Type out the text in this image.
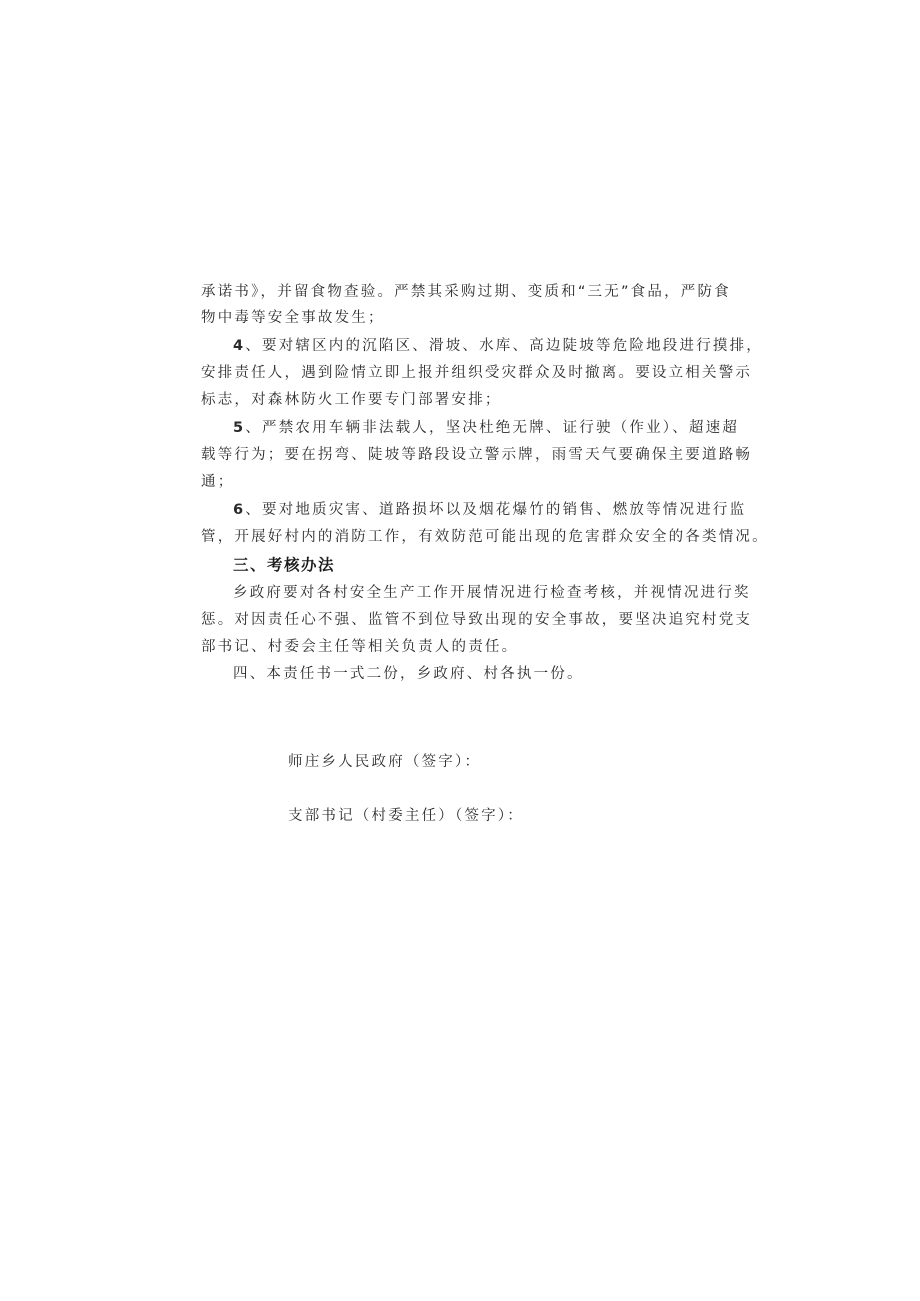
承诺书》，并留食物查验。严禁其采购过期、变质和“三无”食品，严防食
物中毒等安全事故发生；
4、要对辖区内的沉陷区、滑坡、水库、高边陡坡等危险地段进行摸排，
安排责任人，遇到险情立即上报并组织受灾群众及时撤离。要设立相关警示
标志，对森林防火工作要专门部署安排；
5、严禁农用车辆非法载人，坚决杜绝无牌、证行驶（作业）、超速超
载等行为；要在拐弯、陡坡等路段设立警示牌，雨雪天气要确保主要道路畅
通；
6、要对地质灾害、道路损坏以及烟花爆竹的销售、燃放等情况进行监
管，开展好村内的消防工作，有效防范可能出现的危害群众安全的各类情况。
三、考核办法
乡政府要对各村安全生产工作开展情况进行检查考核，并视情况进行奖
惩。对因责任心不强、监管不到位导致出现的安全事故，要坚决追究村党支
部书记、村委会主任等相关负责人的责任。
四、本责任书一式二份，乡政府、村各执一份。
师庄乡人民政府（签字）：
支部书记（村委主任）（签字）：
